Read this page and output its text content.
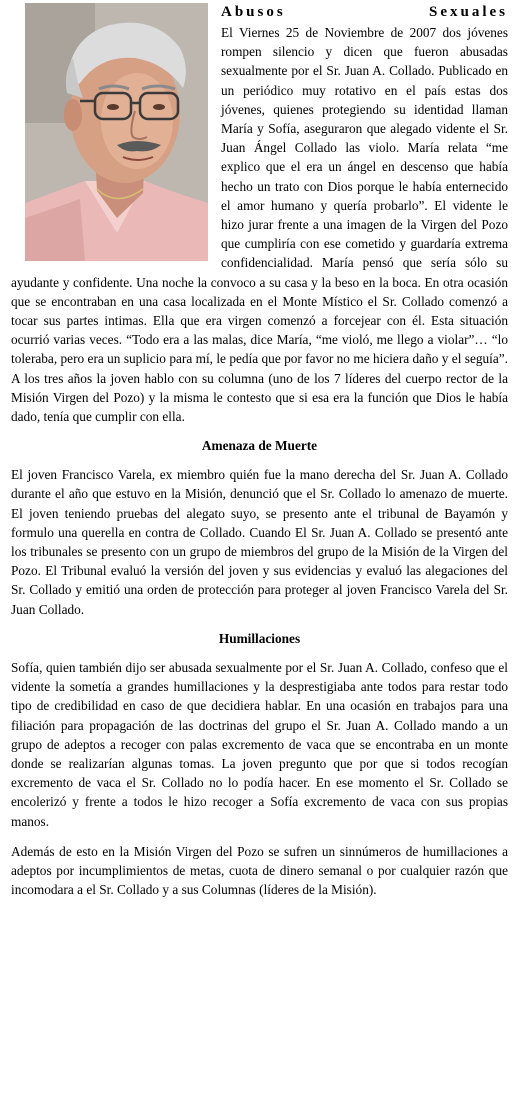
Abusos Sexuales

El Viernes 25 de Noviembre de 2007 dos jóvenes rompen silencio y dicen que fueron abusadas sexualmente por el Sr. Juan A. Collado. Publicado en un periódico muy rotativo en el país estas dos jóvenes, quienes protegiendo su identidad llaman María y Sofía, aseguraron que alegado vidente el Sr. Juan Ángel Collado las violo. María relata “me explico que el era un ángel en descenso que había hecho un trato con Dios porque le había enternecido el amor humano y quería probarlo”. El vidente le hizo jurar frente a una imagen de la Virgen del Pozo que cumpliría con ese cometido y guardaría extrema confidencialidad. María pensó que sería sólo su ayudante y confidente. Una noche la convoco a su casa y la beso en la boca. En otra ocasión que se encontraban en una casa localizada en el Monte Místico el Sr. Collado comenzó a tocar sus partes intimas. Ella que era virgen comenzó a forcejear con él. Esta situación ocurrió varias veces. “Todo era a las malas, dice María, “me violó, me llego a violar”… “lo toleraba, pero era un suplicio para mí, le pedía que por favor no me hiciera daño y el seguía”. A los tres años la joven hablo con su columna (uno de los 7 líderes del cuerpo rector de la Misión Virgen del Pozo) y la misma le contesto que si esa era la función que Dios le había dado, tenía que cumplir con ella.

Amenaza de Muerte

El joven Francisco Varela, ex miembro quién fue la mano derecha del Sr. Juan A. Collado durante el año que estuvo en la Misión, denunció que el Sr. Collado lo amenazo de muerte. El joven teniendo pruebas del alegato suyo, se presento ante el tribunal de Bayamón y formulo una querella en contra de Collado. Cuando El Sr. Juan A. Collado se presentó ante los tribunales se presento con un grupo de miembros del grupo de la Misión de la Virgen del Pozo. El Tribunal evaluó la versión del joven y sus evidencias y evaluó las alegaciones del Sr. Collado y emitió una orden de protección para proteger al joven Francisco Varela del Sr. Juan Collado.

Humillaciones

Sofía, quien también dijo ser abusada sexualmente por el Sr. Juan A. Collado, confeso que el vidente la sometía a grandes humillaciones y la desprestigiaba ante todos para restar todo tipo de credibilidad en caso de que decidiera hablar. En una ocasión en trabajos para una filiación para propagación de las doctrinas del grupo el Sr. Juan A. Collado mando a un grupo de adeptos a recoger con palas excremento de vaca que se encontraba en un monte donde se realizarían algunas tomas. La joven pregunto que por que si todos recogían excremento de vaca el Sr. Collado no lo podía hacer. En ese momento el Sr. Collado se encolerizó y frente a todos le hizo recoger a Sofía excremento de vaca con sus propias manos.

Además de esto en la Misión Virgen del Pozo se sufren un sinnúmeros de humillaciones a adeptos por incumplimientos de metas, cuota de dinero semanal o por cualquier razón que incomodara a el Sr. Collado y a sus Columnas (líderes de la Misión).
